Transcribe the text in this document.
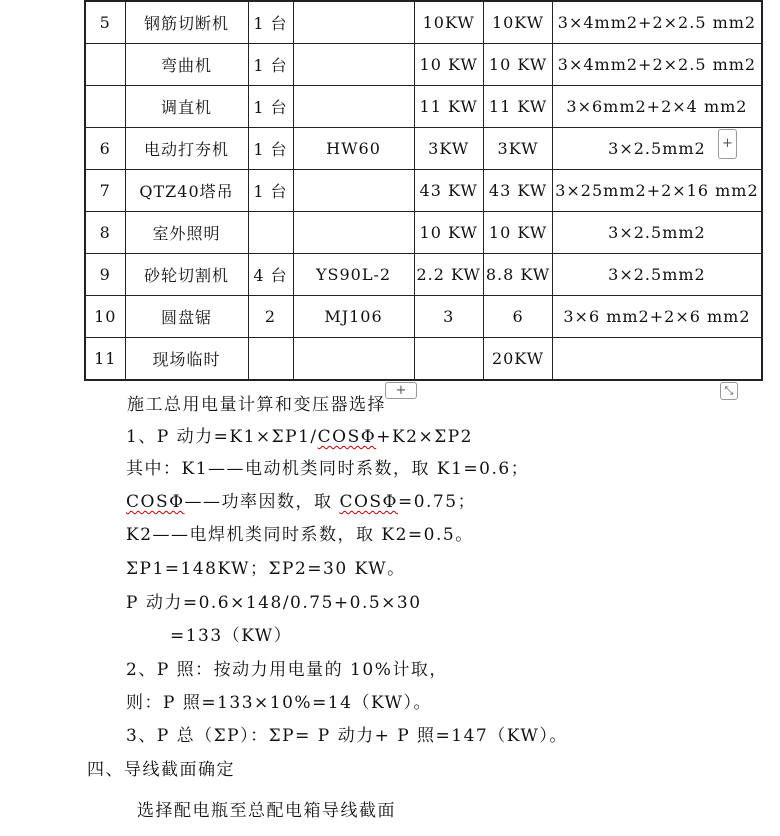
5	钢筋切断机	1 台		10KW	10KW	3×4mm2+2×2.5 mm2
	弯曲机	1 台		10 KW	10 KW	3×4mm2+2×2.5 mm2
	调直机	1 台		11 KW	11 KW	3×6mm2+2×4 mm2
6	电动打夯机	1 台	HW60	3KW	3KW	3×2.5mm2
7	QTZ40塔吊	1 台		43 KW	43 KW	3×25mm2+2×16 mm2
8	室外照明			10 KW	10 KW	3×2.5mm2
9	砂轮切割机	4 台	YS90L-2	2.2 KW	8.8 KW	3×2.5mm2
10	圆盘锯	2	MJ106	3	6	3×6 mm2+2×6 mm2
11	现场临时				20KW	
+
+	⤡
施工总用电量计算和变压器选择
1、P 动力=K1×ΣP1/COSΦ+K2×ΣP2
其中：K1——电动机类同时系数，取 K1=0.6；
COSΦ——功率因数，取 COSΦ=0.75；
K2——电焊机类同时系数，取 K2=0.5。
ΣP1=148KW；ΣP2=30 KW。
P 动力=0.6×148/0.75+0.5×30
=133（KW）
2、P 照：按动力用电量的 10%计取，
则：P 照=133×10%=14（KW）。
3、P 总（ΣP）：ΣP= P 动力+ P 照=147（KW）。
四、导线截面确定
选择配电瓶至总配电箱导线截面
